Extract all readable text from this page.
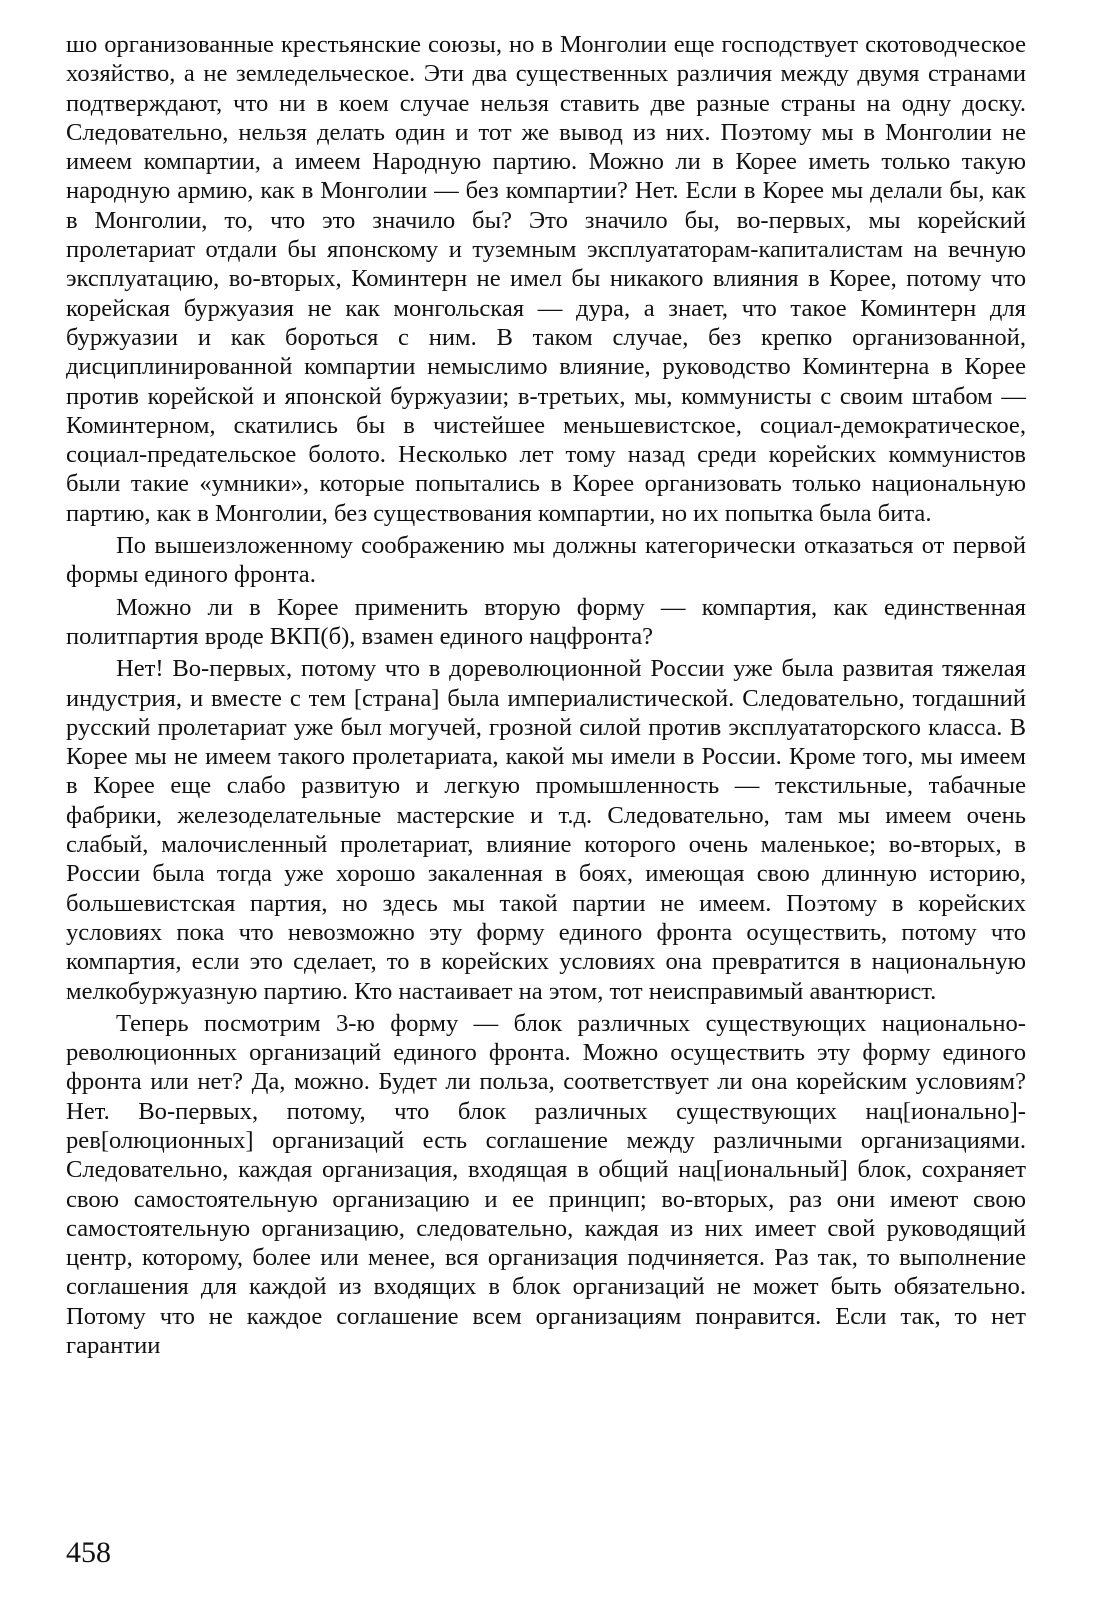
шо организованные крестьянские союзы, но в Монголии еще господствует скотоводческое хозяйство, а не земледельческое. Эти два существенных различия между двумя странами подтверждают, что ни в коем случае нельзя ставить две разные страны на одну доску. Следовательно, нельзя делать один и тот же вывод из них. Поэтому мы в Монголии не имеем компартии, а имеем Народную партию. Можно ли в Корее иметь только такую народную армию, как в Монголии — без компартии? Нет. Если в Корее мы делали бы, как в Монголии, то, что это значило бы? Это значило бы, во-первых, мы корейский пролетариат отдали бы японскому и туземным эксплуататорам-капиталистам на вечную эксплуатацию, во-вторых, Коминтерн не имел бы никакого влияния в Корее, потому что корейская буржуазия не как монгольская — дура, а знает, что такое Коминтерн для буржуазии и как бороться с ним. В таком случае, без крепко организованной, дисциплинированной компартии немыслимо влияние, руководство Коминтерна в Корее против корейской и японской буржуазии; в-третьих, мы, коммунисты с своим штабом — Коминтерном, скатились бы в чистейшее меньшевистское, социал-демократическое, социал-предательское болото. Несколько лет тому назад среди корейских коммунистов были такие «умники», которые попытались в Корее организовать только национальную партию, как в Монголии, без существования компартии, но их попытка была бита.

По вышеизложенному соображению мы должны категорически отказаться от первой формы единого фронта.

Можно ли в Корее применить вторую форму — компартия, как единственная политпартия вроде ВКП(б), взамен единого нацфронта?

Нет! Во-первых, потому что в дореволюционной России уже была развитая тяжелая индустрия, и вместе с тем [страна] была империалистической. Следовательно, тогдашний русский пролетариат уже был могучей, грозной силой против эксплуататорского класса. В Корее мы не имеем такого пролетариата, какой мы имели в России. Кроме того, мы имеем в Корее еще слабо развитую и легкую промышленность — текстильные, табачные фабрики, железоделательные мастерские и т.д. Следовательно, там мы имеем очень слабый, малочисленный пролетариат, влияние которого очень маленькое; во-вторых, в России была тогда уже хорошо закаленная в боях, имеющая свою длинную историю, большевистская партия, но здесь мы такой партии не имеем. Поэтому в корейских условиях пока что невозможно эту форму единого фронта осуществить, потому что компартия, если это сделает, то в корейских условиях она превратится в национальную мелкобуржуазную партию. Кто настаивает на этом, тот неисправимый авантюрист.

Теперь посмотрим 3-ю форму — блок различных существующих национально-революционных организаций единого фронта. Можно осуществить эту форму единого фронта или нет? Да, можно. Будет ли польза, соответствует ли она корейским условиям? Нет. Во-первых, потому, что блок различных существующих нац[ионально]-рев[олюционных] организаций есть соглашение между различными организациями. Следовательно, каждая организация, входящая в общий нац[иональный] блок, сохраняет свою самостоятельную организацию и ее принцип; во-вторых, раз они имеют свою самостоятельную организацию, следовательно, каждая из них имеет свой руководящий центр, которому, более или менее, вся организация подчиняется. Раз так, то выполнение соглашения для каждой из входящих в блок организаций не может быть обязательно. Потому что не каждое соглашение всем организациям понравится. Если так, то нет гарантии

458
